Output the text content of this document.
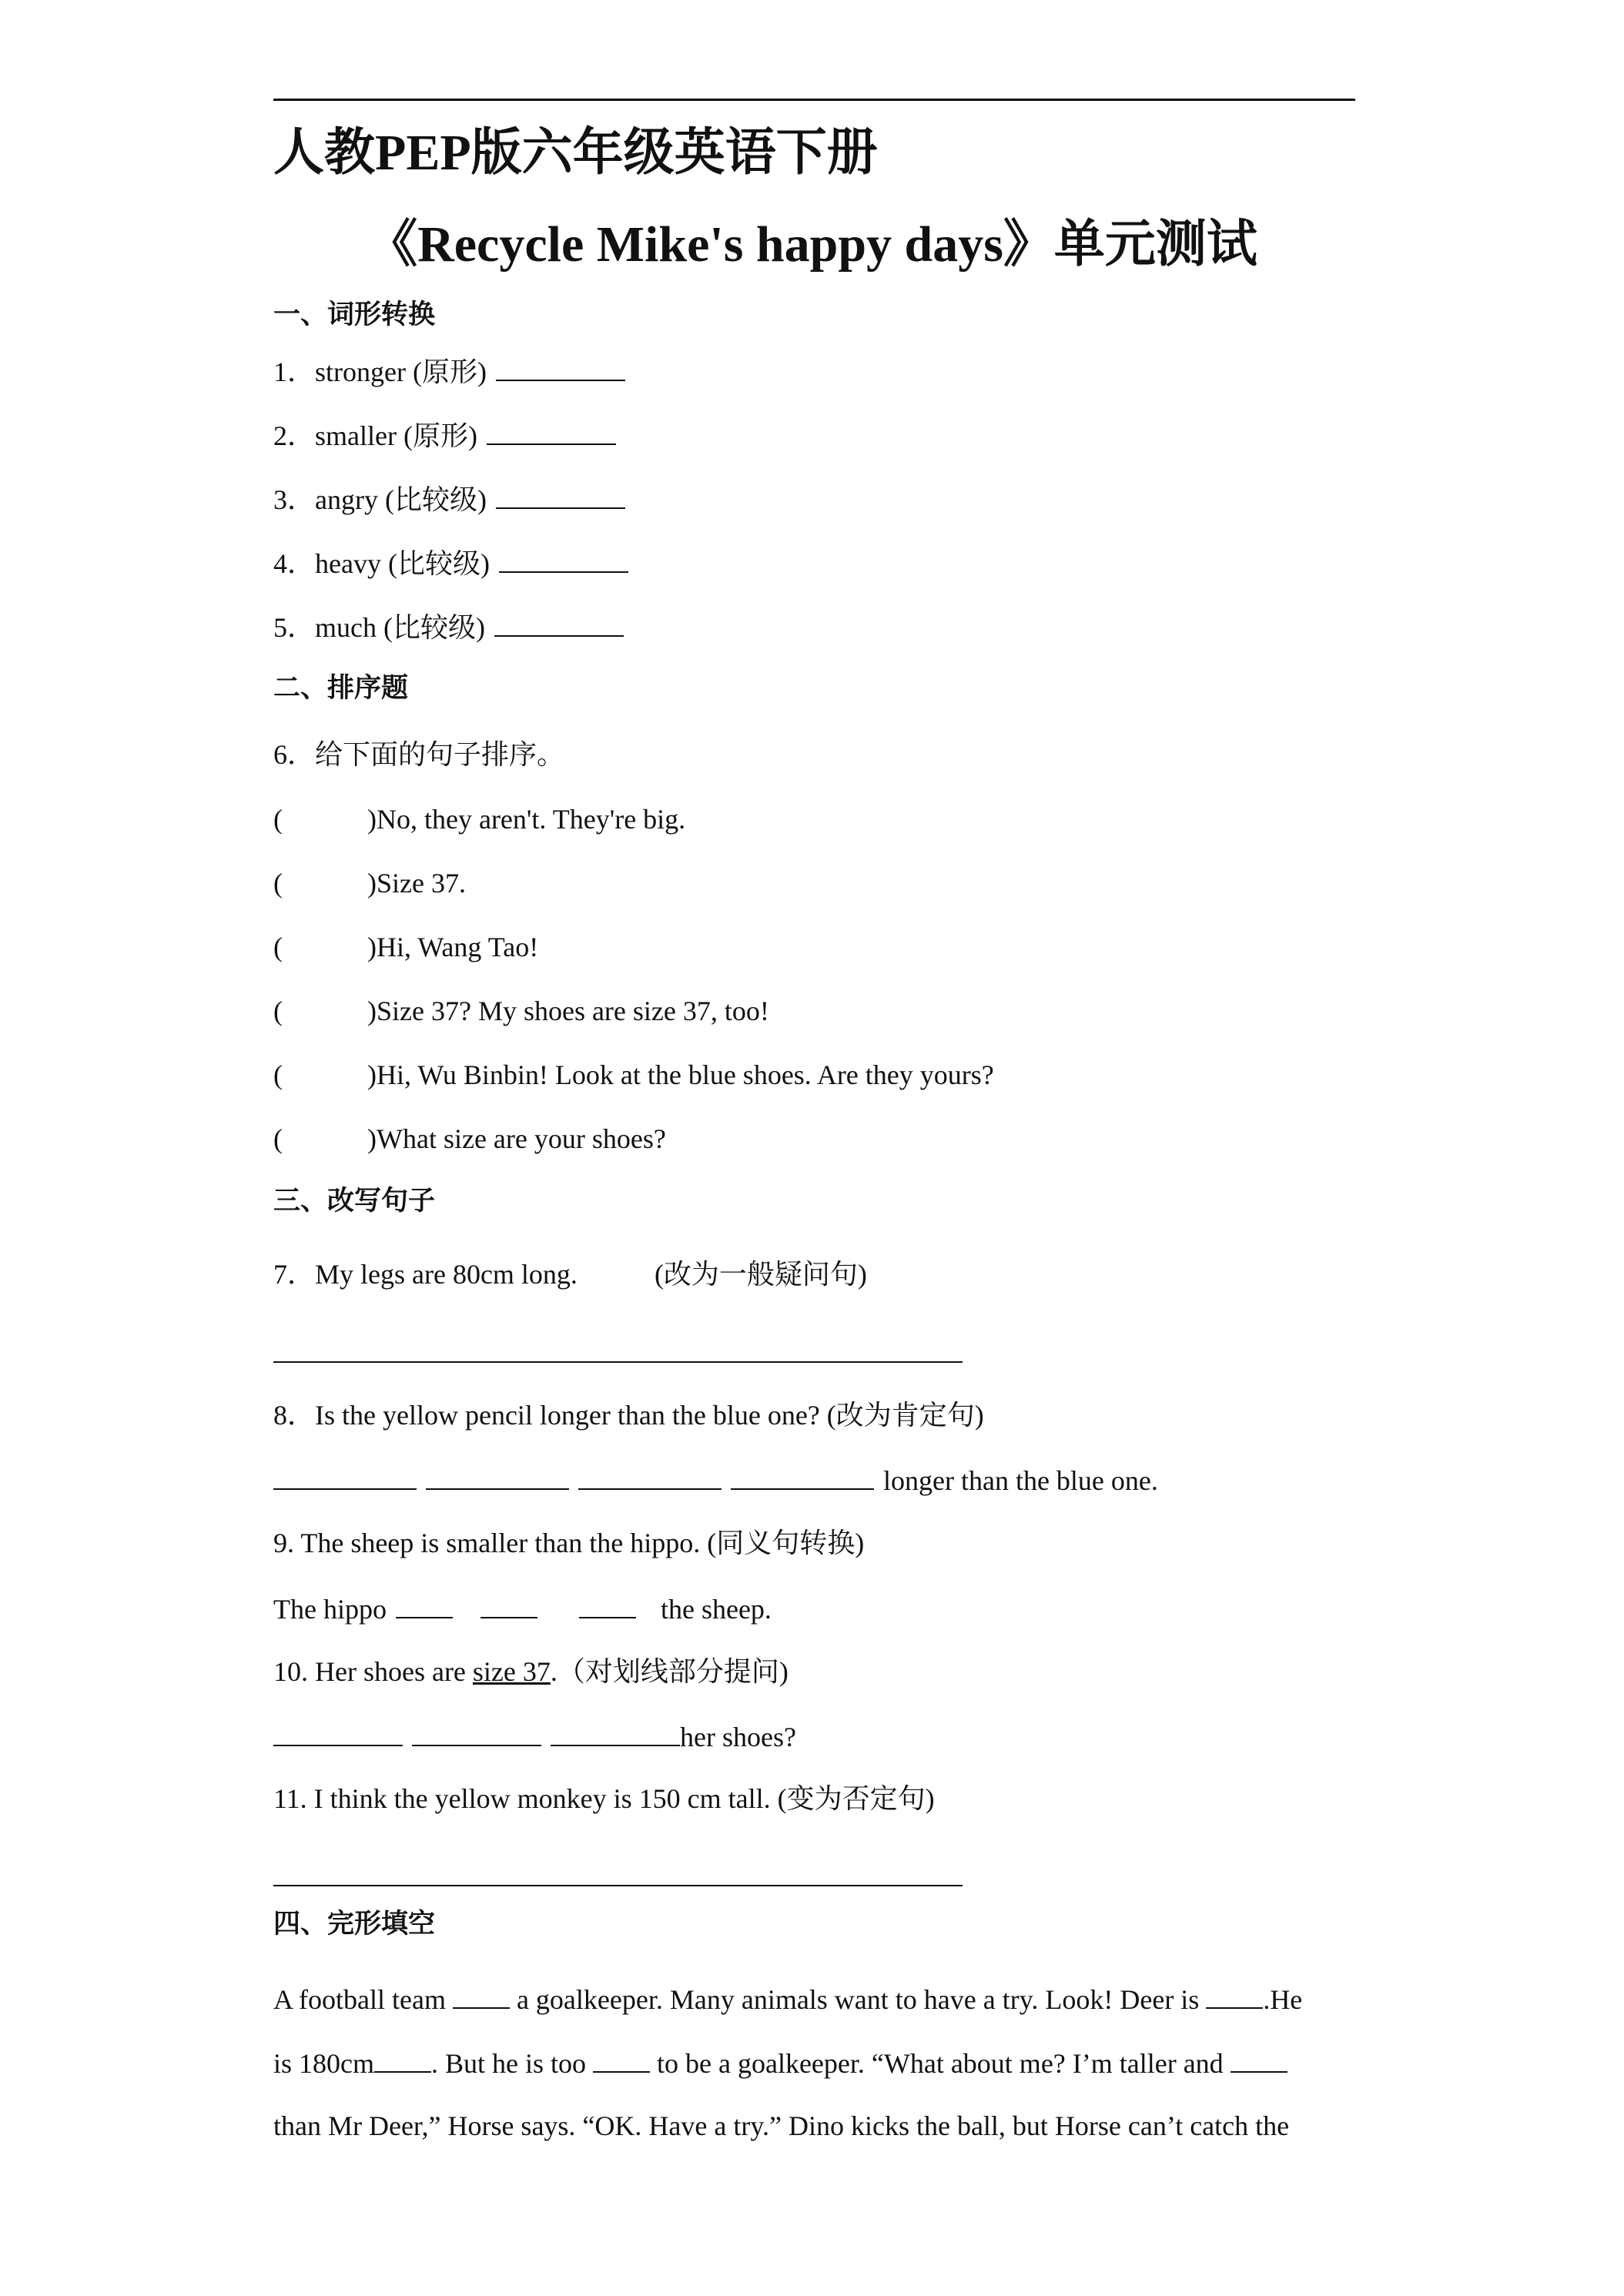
人教PEP版六年级英语下册
《Recycle Mike's happy days》单元测试
一、词形转换
1．stronger (原形)
2．smaller (原形)
3．angry (比较级)
4．heavy (比较级)
5．much (比较级)
二、排序题
6．给下面的句子排序。
(	)No, they aren't. They're big.
(	)Size 37.
(	)Hi, Wang Tao!
(	)Size 37? My shoes are size 37, too!
(	)Hi, Wu Binbin! Look at the blue shoes. Are they yours?
(	)What size are your shoes?
三、改写句子
7．My legs are 80cm long.	(改为一般疑问句)
8．Is the yellow pencil longer than the blue one? (改为肯定句)
longer than the blue one.
9. The sheep is smaller than the hippo. (同义句转换)
The hippo	the sheep.
10. Her shoes are size 37.（对划线部分提问)
her shoes?
11. I think the yellow monkey is 150 cm tall. (变为否定句)
四、完形填空
A football team  a goalkeeper. Many animals want to have a try. Look! Deer is .He
is 180cm . But he is too  to be a goalkeeper. “What about me? I’m taller and
than Mr Deer,” Horse says. “OK. Have a try.” Dino kicks the ball, but Horse can’t catch the
